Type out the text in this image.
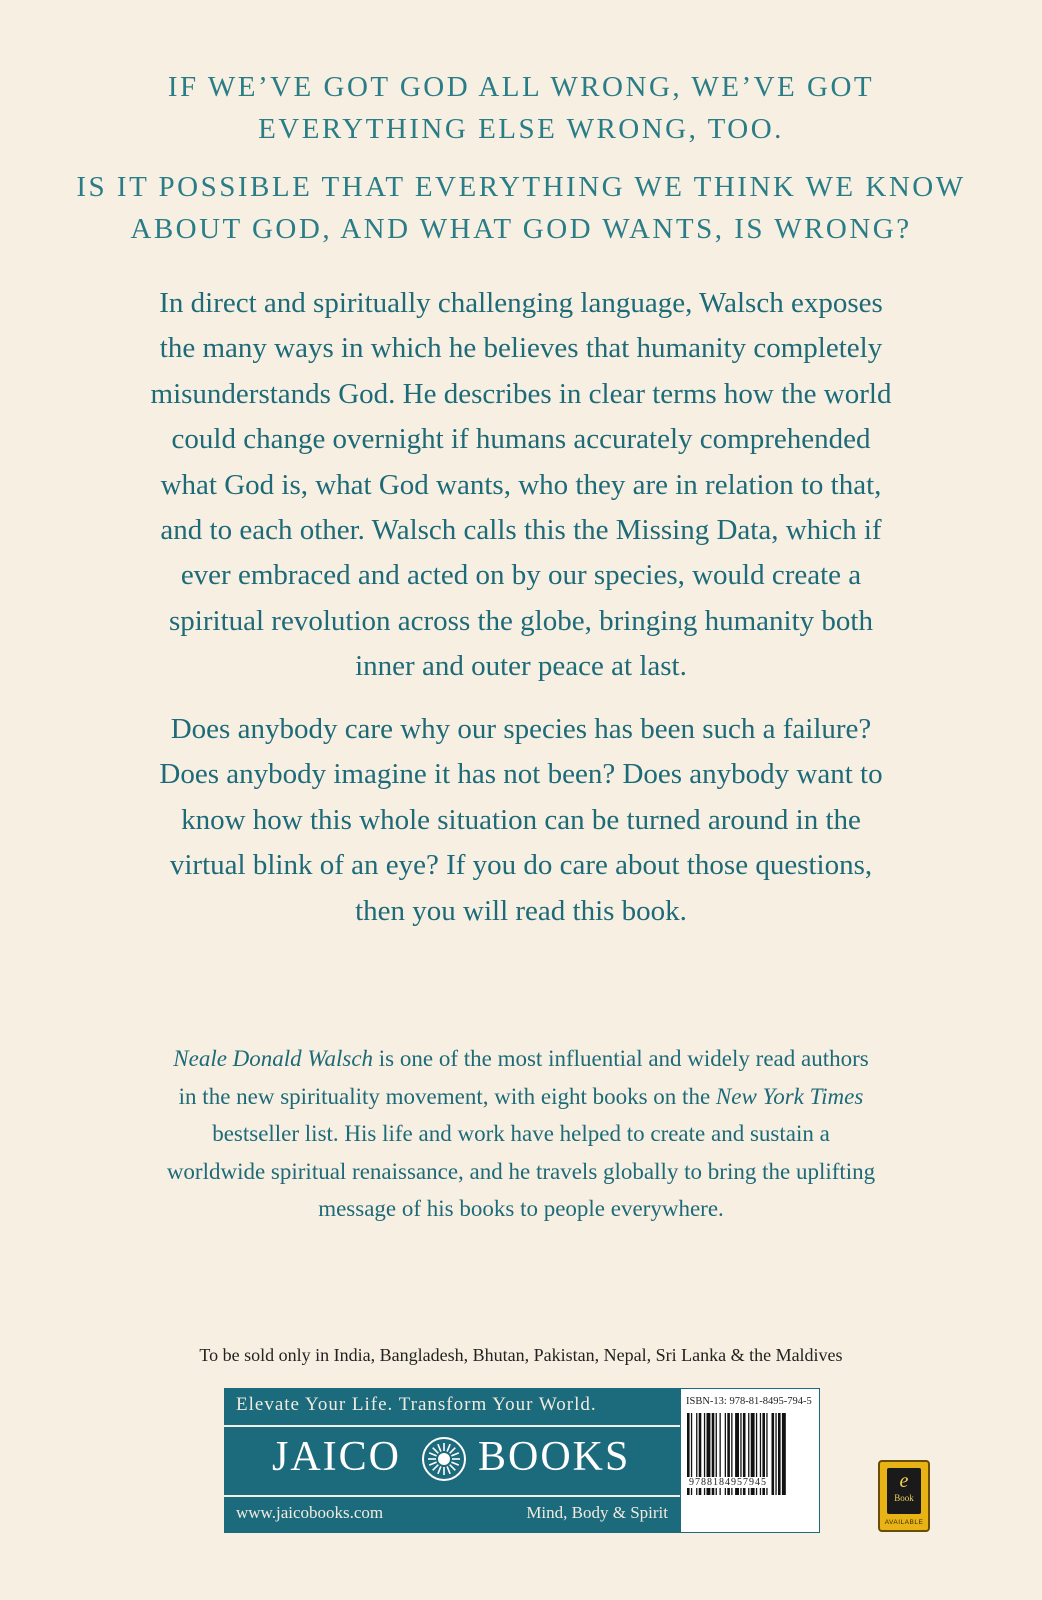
IF WE’VE GOT GOD ALL WRONG, WE’VE GOT
EVERYTHING ELSE WRONG, TOO.
IS IT POSSIBLE THAT EVERYTHING WE THINK WE KNOW
ABOUT GOD, AND WHAT GOD WANTS, IS WRONG?
In direct and spiritually challenging language, Walsch exposes
the many ways in which he believes that humanity completely
misunderstands God. He describes in clear terms how the world
could change overnight if humans accurately comprehended
what God is, what God wants, who they are in relation to that,
and to each other. Walsch calls this the Missing Data, which if
ever embraced and acted on by our species, would create a
spiritual revolution across the globe, bringing humanity both
inner and outer peace at last.
Does anybody care why our species has been such a failure?
Does anybody imagine it has not been? Does anybody want to
know how this whole situation can be turned around in the
virtual blink of an eye? If you do care about those questions,
then you will read this book.
Neale Donald Walsch is one of the most influential and widely read authors
in the new spirituality movement, with eight books on the New York Times
bestseller list. His life and work have helped to create and sustain a
worldwide spiritual renaissance, and he travels globally to bring the uplifting
message of his books to people everywhere.
To be sold only in India, Bangladesh, Bhutan, Pakistan, Nepal, Sri Lanka & the Maldives
Elevate Your Life. Transform Your World.
JAICO BOOKS
www.jaicobooks.com	Mind, Body & Spirit
ISBN-13: 978-81-8495-794-5
9788184957945	e
Book
AVAILABLE
